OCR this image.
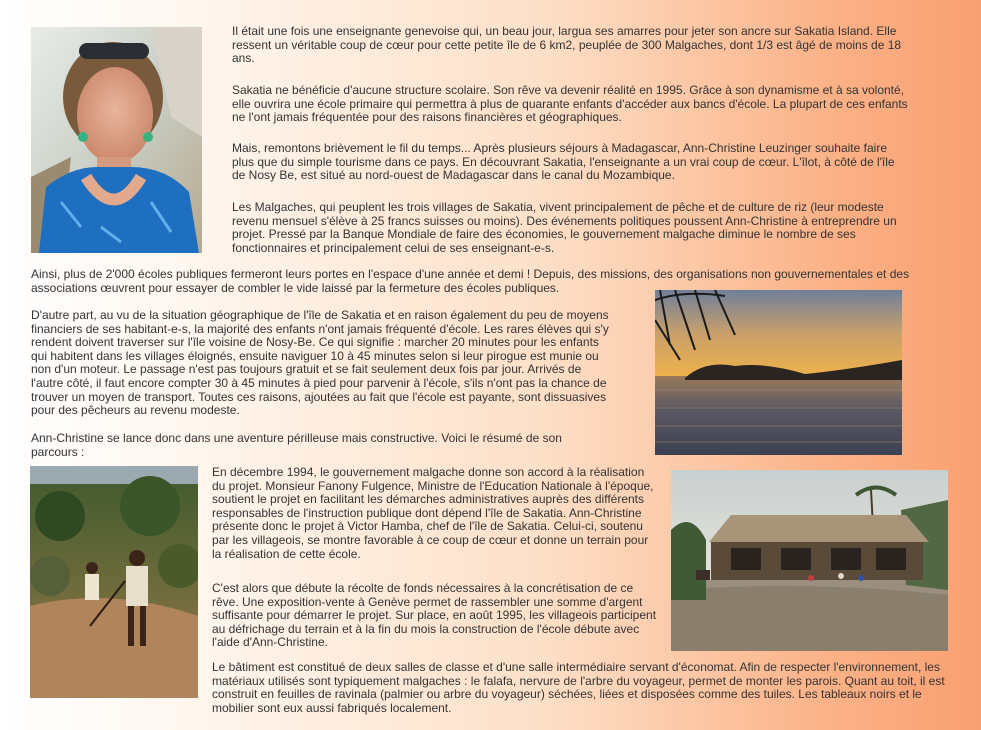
Il était une fois une enseignante genevoise qui, un beau jour, largua ses amarres pour jeter son ancre sur Sakatia Island. Elle ressent un véritable coup de cœur pour cette petite île de 6 km2, peuplée de 300 Malgaches, dont 1/3 est âgé de moins de 18 ans.

Sakatia ne bénéficie d'aucune structure scolaire. Son rêve va devenir réalité en 1995. Grâce à son dynamisme et à sa volonté, elle ouvrira une école primaire qui permettra à plus de quarante enfants d'accéder aux bancs d'école. La plupart de ces enfants ne l'ont jamais fréquentée pour des raisons financières et géographiques.

Mais, remontons brièvement le fil du temps... Après plusieurs séjours à Madagascar, Ann-Christine Leuzinger souhaite faire plus que du simple tourisme dans ce pays. En découvrant Sakatia, l'enseignante a un vrai coup de cœur. L'îlot, à côté de l'île de Nosy Be, est situé au nord-ouest de Madagascar dans le canal du Mozambique.

Les Malgaches, qui peuplent les trois villages de Sakatia, vivent principalement de pêche et de culture de riz (leur modeste revenu mensuel s'élève à 25 francs suisses ou moins). Des événements politiques poussent Ann-Christine à entreprendre un projet. Pressé par la Banque Mondiale de faire des économies, le gouvernement malgache diminue le nombre de ses fonctionnaires et principalement celui de ses enseignant-e-s.

Ainsi, plus de 2'000 écoles publiques fermeront leurs portes en l'espace d'une année et demi ! Depuis, des missions, des organisations non gouvernementales et des associations œuvrent pour essayer de combler le vide laissé par la fermeture des écoles publiques.

D'autre part, au vu de la situation géographique de l'île de Sakatia et en raison également du peu de moyens financiers de ses habitant-e-s, la majorité des enfants n'ont jamais fréquenté d'école. Les rares élèves qui s'y rendent doivent traverser sur l'île voisine de Nosy-Be. Ce qui signifie : marcher 20 minutes pour les enfants qui habitent dans les villages éloignés, ensuite naviguer 10 à 45 minutes selon si leur pirogue est munie ou non d'un moteur. Le passage n'est pas toujours gratuit et se fait seulement deux fois par jour. Arrivés de l'autre côté, il faut encore compter 30 à 45 minutes à pied pour parvenir à l'école, s'ils n'ont pas la chance de trouver un moyen de transport. Toutes ces raisons, ajoutées au fait que l'école est payante, sont dissuasives pour des pêcheurs au revenu modeste.

Ann-Christine se lance donc dans une aventure périlleuse mais constructive. Voici le résumé de son parcours :

En décembre 1994, le gouvernement malgache donne son accord à la réalisation du projet. Monsieur Fanony Fulgence, Ministre de l'Education Nationale à l'époque, soutient le projet en facilitant les démarches administratives auprès des différents responsables de l'instruction publique dont dépend l'île de Sakatia. Ann-Christine présente donc le projet à Victor Hamba, chef de l'île de Sakatia. Celui-ci, soutenu par les villageois, se montre favorable à ce coup de cœur et donne un terrain pour la réalisation de cette école.

C'est alors que débute la récolte de fonds nécessaires à la concrétisation de ce rêve. Une exposition-vente à Genève permet de rassembler une somme d'argent suffisante pour démarrer le projet. Sur place, en août 1995, les villageois participent au défrichage du terrain et à la fin du mois la construction de l'école débute avec l'aide d'Ann-Christine.

Le bâtiment est constitué de deux salles de classe et d'une salle intermédiaire servant d'économat. Afin de respecter l'environnement, les matériaux utilisés sont typiquement malgaches : le falafa, nervure de l'arbre du voyageur, permet de monter les parois. Quant au toit, il est construit en feuilles de ravinala (palmier ou arbre du voyageur) séchées, liées et disposées comme des tuiles. Les tableaux noirs et le mobilier sont eux aussi fabriqués localement.
